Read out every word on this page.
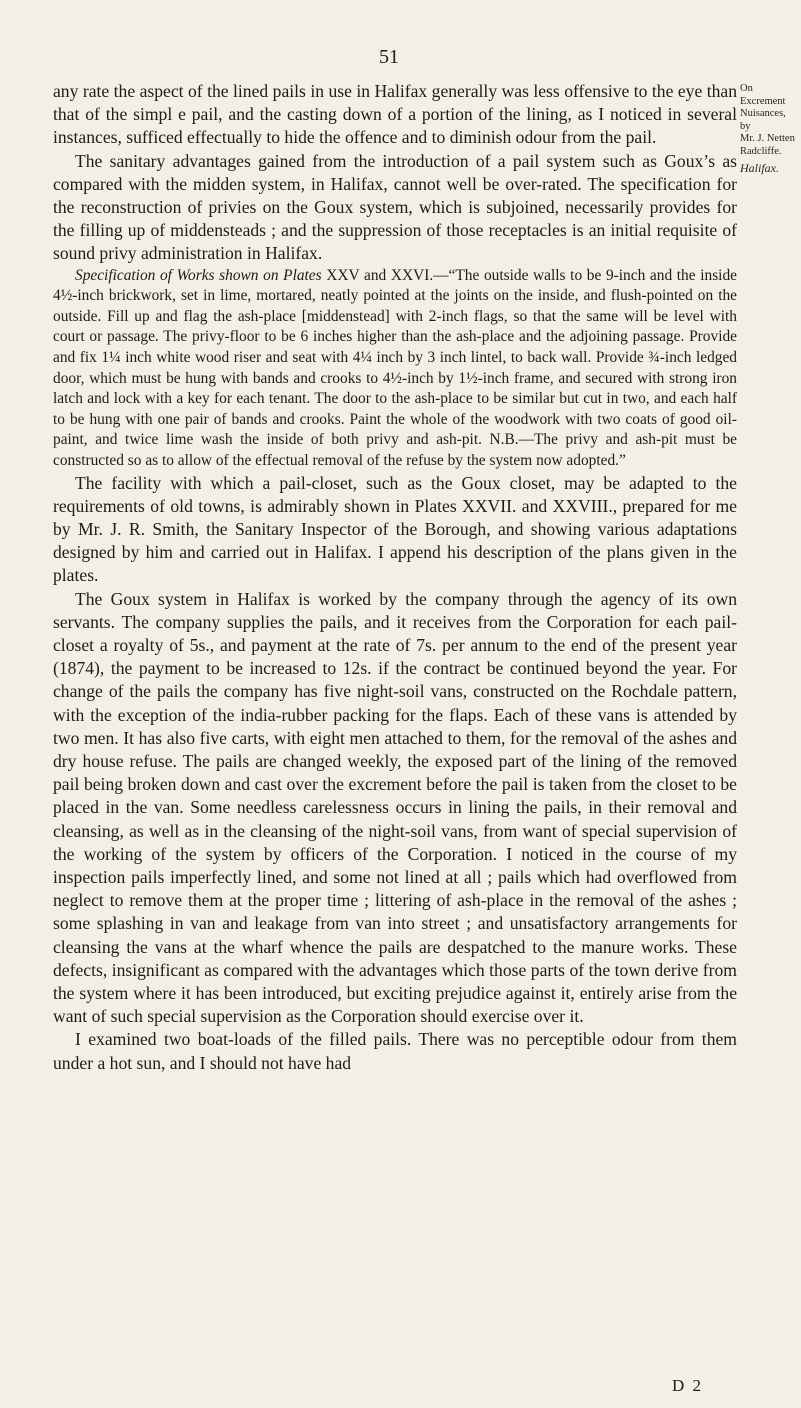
51
On Excrement
Nuisances, by
Mr. J. Netten
Radcliffe.
Halifax.

any rate the aspect of the lined pails in use in Halifax generally was less offensive to the eye than that of the simpl e pail, and the casting down of a portion of the lining, as I noticed in several instances, sufficed effectually to hide the offence and to diminish odour from the pail.

The sanitary advantages gained from the introduction of a pail system such as Goux’s as compared with the midden system, in Halifax, cannot well be over-rated. The specification for the reconstruction of privies on the Goux system, which is subjoined, necessarily provides for the filling up of middensteads ; and the suppression of those receptacles is an initial requisite of sound privy administration in Halifax.

Specification of Works shown on Plates XXV and XXVI.—“The outside walls to be 9-inch and the inside 4½-inch brickwork, set in lime, mortared, neatly pointed at the joints on the inside, and flush-pointed on the outside. Fill up and flag the ash-place [middenstead] with 2-inch flags, so that the same will be level with court or passage. The privy-floor to be 6 inches higher than the ash-place and the adjoining passage. Provide and fix 1¼ inch white wood riser and seat with 4¼ inch by 3 inch lintel, to back wall. Provide ¾-inch ledged door, which must be hung with bands and crooks to 4½-inch by 1½-inch frame, and secured with strong iron latch and lock with a key for each tenant. The door to the ash-place to be similar but cut in two, and each half to be hung with one pair of bands and crooks. Paint the whole of the woodwork with two coats of good oil-paint, and twice lime wash the inside of both privy and ash-pit. N.B.—The privy and ash-pit must be constructed so as to allow of the effectual removal of the refuse by the system now adopted.”

The facility with which a pail-closet, such as the Goux closet, may be adapted to the requirements of old towns, is admirably shown in Plates XXVII. and XXVIII., prepared for me by Mr. J. R. Smith, the Sanitary Inspector of the Borough, and showing various adaptations designed by him and carried out in Halifax. I append his description of the plans given in the plates.

The Goux system in Halifax is worked by the company through the agency of its own servants. The company supplies the pails, and it receives from the Corporation for each pail-closet a royalty of 5s., and payment at the rate of 7s. per annum to the end of the present year (1874), the payment to be increased to 12s. if the contract be continued beyond the year. For change of the pails the company has five night-soil vans, constructed on the Rochdale pattern, with the exception of the india-rubber packing for the flaps. Each of these vans is attended by two men. It has also five carts, with eight men attached to them, for the removal of the ashes and dry house refuse. The pails are changed weekly, the exposed part of the lining of the removed pail being broken down and cast over the excrement before the pail is taken from the closet to be placed in the van. Some needless carelessness occurs in lining the pails, in their removal and cleansing, as well as in the cleansing of the night-soil vans, from want of special supervision of the working of the system by officers of the Corporation. I noticed in the course of my inspection pails imperfectly lined, and some not lined at all ; pails which had overflowed from neglect to remove them at the proper time ; littering of ash-place in the removal of the ashes ; some splashing in van and leakage from van into street ; and unsatisfactory arrangements for cleansing the vans at the wharf whence the pails are despatched to the manure works. These defects, insignificant as compared with the advantages which those parts of the town derive from the system where it has been introduced, but exciting prejudice against it, entirely arise from the want of such special supervision as the Corporation should exercise over it.

I examined two boat-loads of the filled pails. There was no perceptible odour from them under a hot sun, and I should not have had

D 2
